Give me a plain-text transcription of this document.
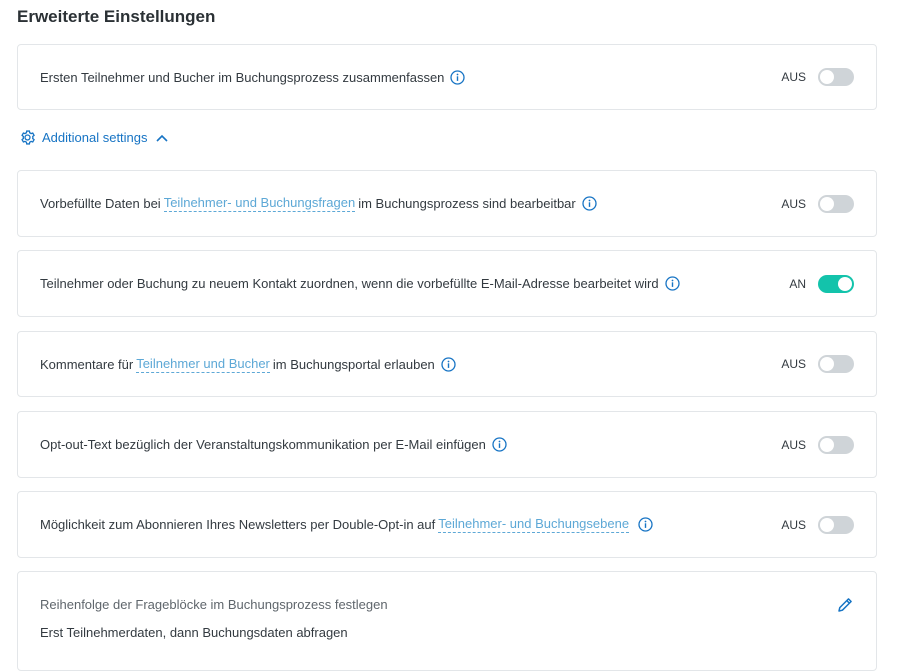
Erweiterte Einstellungen
Ersten Teilnehmer und Bucher im Buchungsprozess zusammenfassen	AUS
Additional settings
Vorbefüllte Daten bei Teilnehmer- und Buchungsfragen im Buchungsprozess sind bearbeitbar	AUS
Teilnehmer oder Buchung zu neuem Kontakt zuordnen, wenn die vorbefüllte E-Mail-Adresse bearbeitet wird	AN
Kommentare für Teilnehmer und Bucher im Buchungsportal erlauben	AUS
Opt-out-Text bezüglich der Veranstaltungskommunikation per E-Mail einfügen	AUS
Möglichkeit zum Abonnieren Ihres Newsletters per Double-Opt-in auf Teilnehmer- und Buchungsebene	AUS
Reihenfolge der Frageblöcke im Buchungsprozess festlegen
Erst Teilnehmerdaten, dann Buchungsdaten abfragen
